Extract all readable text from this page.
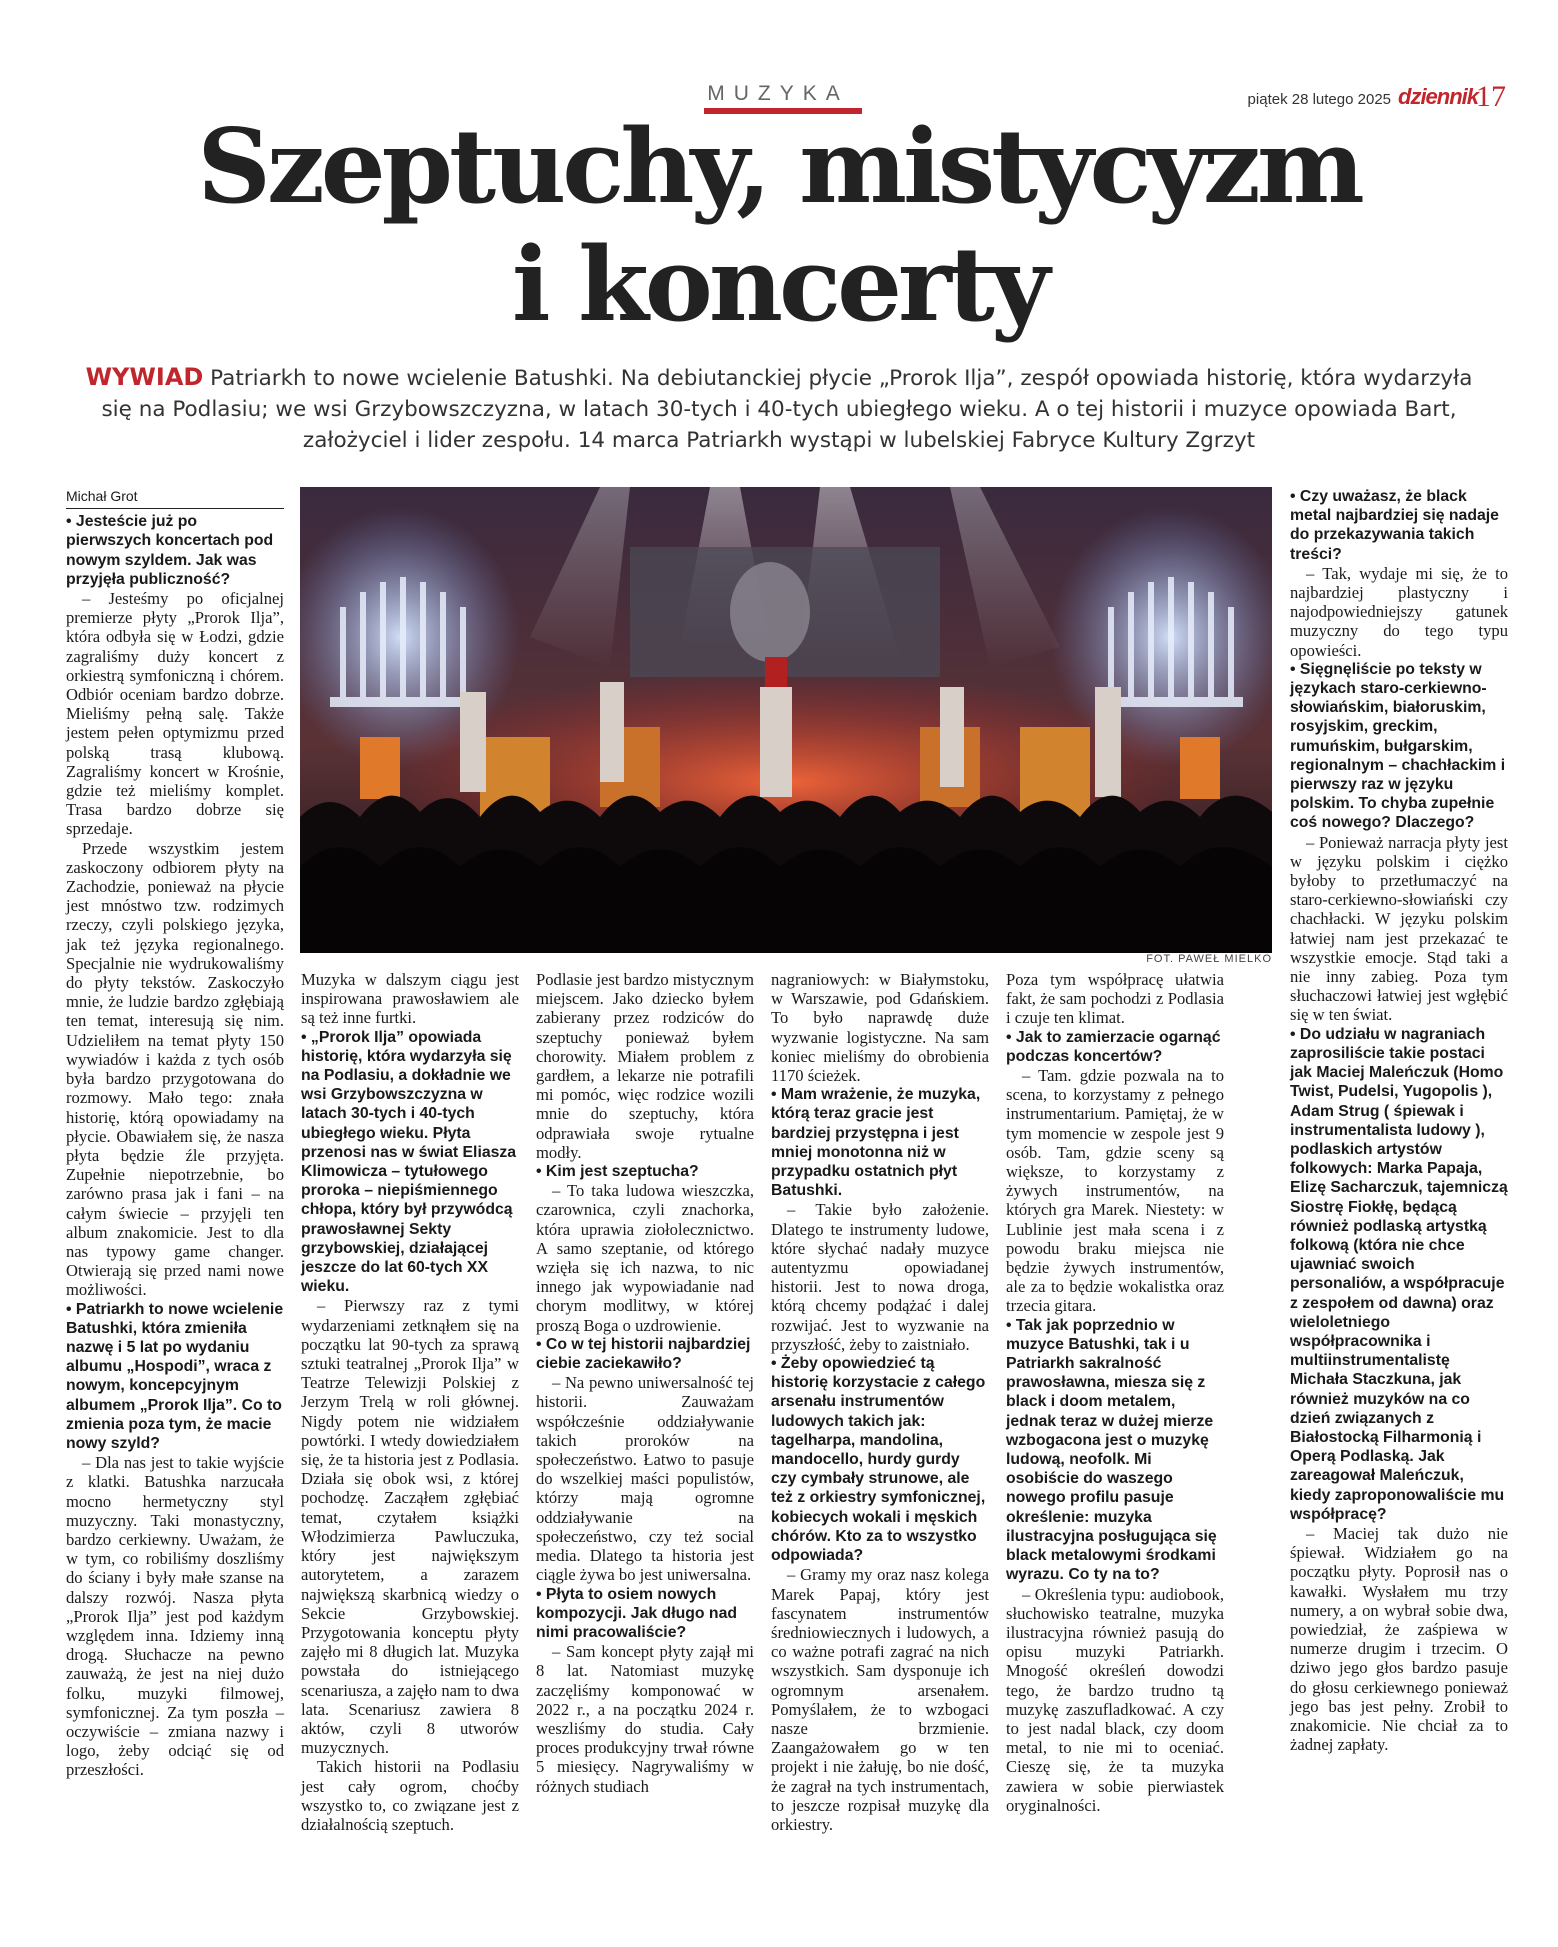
MUZYKA	piątek 28 lutego 2025 dziennik
17
Szeptuchy, mistycyzm
i koncerty
WYWIAD Patriarkh to nowe wcielenie Batushki. Na debiutanckiej płycie „Prorok Ilja”, zespół opowiada historię, która wydarzyła się na Podlasiu; we wsi Grzybowszczyzna, w latach 30-tych i 40-tych ubiegłego wieku. A o tej historii i muzyce opowiada Bart, założyciel i lider zespołu. 14 marca Patriarkh wystąpi w lubelskiej Fabryce Kultury Zgrzyt
FOT. PAWEŁ MIELKO
Michał Grot

• Jesteście już po pierwszych koncertach pod nowym szyldem. Jak was przyjęła publiczność?

– Jesteśmy po oficjalnej premierze płyty „Prorok Ilja”, która odbyła się w Łodzi, gdzie zagraliśmy duży koncert z orkiestrą symfoniczną i chórem. Odbiór oceniam bardzo dobrze. Mieliśmy pełną salę. Także jestem pełen optymizmu przed polską trasą klubową. Zagraliśmy koncert w Krośnie, gdzie też mieliśmy komplet. Trasa bardzo dobrze się sprzedaje.

Przede wszystkim jestem zaskoczony odbiorem płyty na Zachodzie, ponieważ na płycie jest mnóstwo tzw. rodzimych rzeczy, czyli polskiego języka, jak też języka regionalnego. Specjalnie nie wydrukowaliśmy do płyty tekstów. Zaskoczyło mnie, że ludzie bardzo zgłębiają ten temat, interesują się nim. Udzieliłem na temat płyty 150 wywiadów i każda z tych osób była bardzo przygotowana do rozmowy. Mało tego: znała historię, którą opowiadamy na płycie. Obawiałem się, że nasza płyta będzie źle przyjęta. Zupełnie niepotrzebnie, bo zarówno prasa jak i fani – na całym świecie – przyjęli ten album znakomicie. Jest to dla nas typowy game changer. Otwierają się przed nami nowe możliwości.

• Patriarkh to nowe wcielenie Batushki, która zmieniła nazwę i 5 lat po wydaniu albumu „Hospodi”, wraca z nowym, koncepcyjnym albumem „Prorok Ilja”. Co to zmienia poza tym, że macie nowy szyld?

– Dla nas jest to takie wyjście z klatki. Batushka narzucała mocno hermetyczny styl muzyczny. Taki monastyczny, bardzo cerkiewny. Uważam, że w tym, co robiliśmy doszliśmy do ściany i były małe szanse na dalszy rozwój. Nasza płyta „Prorok Ilja” jest pod każdym względem inna. Idziemy inną drogą. Słuchacze na pewno zauważą, że jest na niej dużo folku, muzyki filmowej, symfonicznej. Za tym poszła – oczywiście – zmiana nazwy i logo, żeby odciąć się od przeszłości.

Muzyka w dalszym ciągu jest inspirowana prawosławiem ale są też inne furtki.

• „Prorok Ilja” opowiada historię, która wydarzyła się na Podlasiu, a dokładnie we wsi Grzybowszczyzna w latach 30-tych i 40-tych ubiegłego wieku. Płyta przenosi nas w świat Eliasza Klimowicza – tytułowego proroka – niepiśmiennego chłopa, który był przywódcą prawosławnej Sekty grzybowskiej, działającej jeszcze do lat 60-tych XX wieku.

– Pierwszy raz z tymi wydarzeniami zetknąłem się na początku lat 90-tych za sprawą sztuki teatralnej „Prorok Ilja” w Teatrze Telewizji Polskiej z Jerzym Trelą w roli głównej. Nigdy potem nie widziałem powtórki. I wtedy dowiedziałem się, że ta historia jest z Podlasia. Działa się obok wsi, z której pochodzę. Zacząłem zgłębiać temat, czytałem książki Włodzimierza Pawluczuka, który jest największym autorytetem, a zarazem największą skarbnicą wiedzy o Sekcie Grzybowskiej. Przygotowania konceptu płyty zajęło mi 8 długich lat. Muzyka powstała do istniejącego scenariusza, a zajęło nam to dwa lata. Scenariusz zawiera 8 aktów, czyli 8 utworów muzycznych.

Takich historii na Podlasiu jest cały ogrom, choćby wszystko to, co związane jest z działalnością szeptuch.

Podlasie jest bardzo mistycznym miejscem. Jako dziecko byłem zabierany przez rodziców do szeptuchy ponieważ byłem chorowity. Miałem problem z gardłem, a lekarze nie potrafili mi pomóc, więc rodzice wozili mnie do szeptuchy, która odprawiała swoje rytualne modły.

• Kim jest szeptucha?

– To taka ludowa wieszczka, czarownica, czyli znachorka, która uprawia ziołolecznictwo. A samo szeptanie, od którego wzięła się ich nazwa, to nic innego jak wypowiadanie nad chorym modlitwy, w której proszą Boga o uzdrowienie.

• Co w tej historii najbardziej ciebie zaciekawiło?

– Na pewno uniwersalność tej historii. Zauważam współcześnie oddziaływanie takich proroków na społeczeństwo. Łatwo to pasuje do wszelkiej maści populistów, którzy mają ogromne oddziaływanie na społeczeństwo, czy też social media. Dlatego ta historia jest ciągle żywa bo jest uniwersalna.

• Płyta to osiem nowych kompozycji. Jak długo nad nimi pracowaliście?

– Sam koncept płyty zajął mi 8 lat. Natomiast muzykę zaczęliśmy komponować w 2022 r., a na początku 2024 r. weszliśmy do studia. Cały proces produkcyjny trwał równe 5 miesięcy. Nagrywaliśmy w różnych studiach

nagraniowych: w Białymstoku, w Warszawie, pod Gdańskiem. To było naprawdę duże wyzwanie logistyczne. Na sam koniec mieliśmy do obrobienia 1170 ścieżek.

• Mam wrażenie, że muzyka, którą teraz gracie jest bardziej przystępna i jest mniej monotonna niż w przypadku ostatnich płyt Batushki.

– Takie było założenie. Dlatego te instrumenty ludowe, które słychać nadały muzyce autentyzmu opowiadanej historii. Jest to nowa droga, którą chcemy podążać i dalej rozwijać. Jest to wyzwanie na przyszłość, żeby to zaistniało.

• Żeby opowiedzieć tą historię korzystacie z całego arsenału instrumentów ludowych takich jak: tagelharpa, mandolina, mandocello, hurdy gurdy czy cymbały strunowe, ale też z orkiestry symfonicznej, kobiecych wokali i męskich chórów. Kto za to wszystko odpowiada?

– Gramy my oraz nasz kolega Marek Papaj, który jest fascynatem instrumentów średniowiecznych i ludowych, a co ważne potrafi zagrać na nich wszystkich. Sam dysponuje ich ogromnym arsenałem. Pomyślałem, że to wzbogaci nasze brzmienie. Zaangażowałem go w ten projekt i nie żałuję, bo nie dość, że zagrał na tych instrumentach, to jeszcze rozpisał muzykę dla orkiestry.

Poza tym współpracę ułatwia fakt, że sam pochodzi z Podlasia i czuje ten klimat.

• Jak to zamierzacie ogarnąć podczas koncertów?

– Tam. gdzie pozwala na to scena, to korzystamy z pełnego instrumentarium. Pamiętaj, że w tym momencie w zespole jest 9 osób. Tam, gdzie sceny są większe, to korzystamy z żywych instrumentów, na których gra Marek. Niestety: w Lublinie jest mała scena i z powodu braku miejsca nie będzie żywych instrumentów, ale za to będzie wokalistka oraz trzecia gitara.

• Tak jak poprzednio w muzyce Batushki, tak i u Patriarkh sakralność prawosławna, miesza się z black i doom metalem, jednak teraz w dużej mierze wzbogacona jest o muzykę ludową, neofolk. Mi osobiście do waszego nowego profilu pasuje określenie: muzyka ilustracyjna posługująca się black metalowymi środkami wyrazu. Co ty na to?

– Określenia typu: audiobook, słuchowisko teatralne, muzyka ilustracyjna również pasują do opisu muzyki Patriarkh. Mnogość określeń dowodzi tego, że bardzo trudno tą muzykę zaszufladkować. A czy to jest nadal black, czy doom metal, to nie mi to oceniać. Cieszę się, że ta muzyka zawiera w sobie pierwiastek oryginalności.

• Czy uważasz, że black metal najbardziej się nadaje do przekazywania takich treści?

– Tak, wydaje mi się, że to najbardziej plastyczny i najodpowiedniejszy gatunek muzyczny do tego typu opowieści.

• Sięgnęliście po teksty w językach staro-cerkiewno-słowiańskim, białoruskim, rosyjskim, greckim, rumuńskim, bułgarskim, regionalnym – chachłackim i pierwszy raz w języku polskim. To chyba zupełnie coś nowego? Dlaczego?

– Ponieważ narracja płyty jest w języku polskim i ciężko byłoby to przetłumaczyć na staro-cerkiewno-słowiański czy chachłacki. W języku polskim łatwiej nam jest przekazać te wszystkie emocje. Stąd taki a nie inny zabieg. Poza tym słuchaczowi łatwiej jest wgłębić się w ten świat.

• Do udziału w nagraniach zaprosiliście takie postaci jak Maciej Maleńczuk (Homo Twist, Pudelsi, Yugopolis ), Adam Strug ( śpiewak i instrumentalista ludowy ), podlaskich artystów folkowych: Marka Papaja, Elizę Sacharczuk, tajemniczą Siostrę Fiokłę, będącą również podlaską artystką folkową (która nie chce ujawniać swoich personaliów, a współpracuje z zespołem od dawna) oraz wieloletniego współpracownika i multiinstrumentalistę Michała Staczkuna, jak również muzyków na co dzień związanych z Białostocką Filharmonią i Operą Podlaską. Jak zareagował Maleńczuk, kiedy zaproponowaliście mu współpracę?

– Maciej tak dużo nie śpiewał. Widziałem go na początku płyty. Poprosił nas o kawałki. Wysłałem mu trzy numery, a on wybrał sobie dwa, powiedział, że zaśpiewa w numerze drugim i trzecim. O dziwo jego głos bardzo pasuje do głosu cerkiewnego ponieważ jego bas jest pełny. Zrobił to znakomicie. Nie chciał za to żadnej zapłaty.
